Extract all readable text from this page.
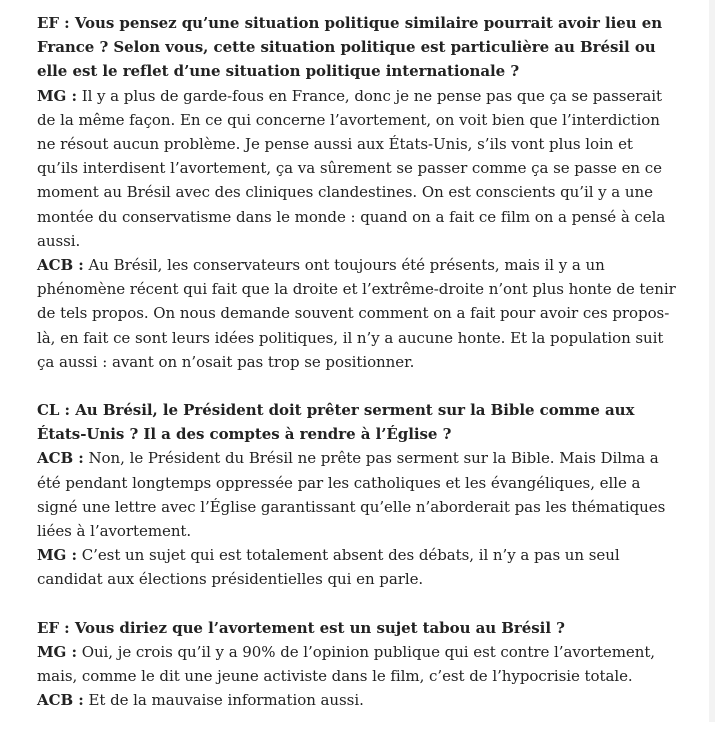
EF : Vous pensez qu’une situation politique similaire pourrait avoir lieu en France ? Selon vous, cette situation politique est particulière au Brésil ou elle est le reflet d’une situation politique internationale ?

MG : Il y a plus de garde-fous en France, donc je ne pense pas que ça se passerait de la même façon. En ce qui concerne l’avortement, on voit bien que l’interdiction ne résout aucun problème. Je pense aussi aux États-Unis, s’ils vont plus loin et qu’ils interdisent l’avortement, ça va sûrement se passer comme ça se passe en ce moment au Brésil avec des cliniques clandestines. On est conscients qu’il y a une montée du conservatisme dans le monde : quand on a fait ce film on a pensé à cela aussi.

ACB : Au Brésil, les conservateurs ont toujours été présents, mais il y a un phénomène récent qui fait que la droite et l’extrême-droite n’ont plus honte de tenir de tels propos. On nous demande souvent comment on a fait pour avoir ces propos-là, en fait ce sont leurs idées politiques, il n’y a aucune honte. Et la population suit ça aussi : avant on n’osait pas trop se positionner.

CL : Au Brésil, le Président doit prêter serment sur la Bible comme aux États-Unis ? Il a des comptes à rendre à l’Église ?

ACB : Non, le Président du Brésil ne prête pas serment sur la Bible. Mais Dilma a été pendant longtemps oppressée par les catholiques et les évangéliques, elle a signé une lettre avec l’Église garantissant qu’elle n’aborderait pas les thématiques liées à l’avortement.

MG : C’est un sujet qui est totalement absent des débats, il n’y a pas un seul candidat aux élections présidentielles qui en parle.

EF : Vous diriez que l’avortement est un sujet tabou au Brésil ?

MG : Oui, je crois qu’il y a 90% de l’opinion publique qui est contre l’avortement, mais, comme le dit une jeune activiste dans le film, c’est de l’hypocrisie totale.

ACB : Et de la mauvaise information aussi.
